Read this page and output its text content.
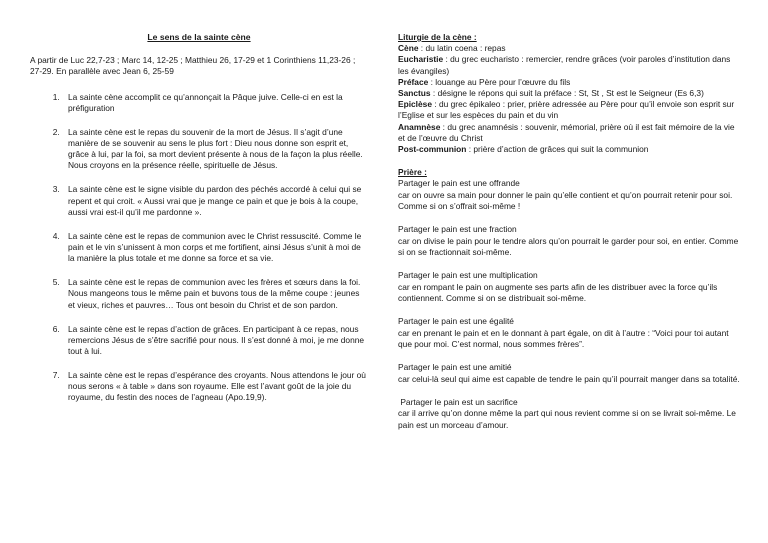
Le sens de la sainte cène

A partir de Luc 22,7-23 ; Marc 14, 12-25 ; Matthieu 26, 17-29 et 1 Corinthiens 11,23-26 ; 27-29. En parallèle avec Jean 6, 25-59

1. La sainte cène accomplit ce qu’annonçait la Pâque juive. Celle-ci en est la préfiguration
2. La sainte cène est le repas du souvenir de la mort de Jésus. Il s’agit d’une manière de se souvenir au sens le plus fort : Dieu nous donne son esprit et, grâce à lui, par la foi, sa mort devient présente à nous de la façon la plus réelle. Nous croyons en la présence réelle, spirituelle de Jésus.
3. La sainte cène est le signe visible du pardon des péchés accordé à celui qui se repent et qui croit. « Aussi vrai que je mange ce pain et que je bois à la coupe, aussi vrai est-il qu’il me pardonne ».
4. La sainte cène est le repas de communion avec le Christ ressuscité. Comme le pain et le vin s’unissent à mon corps et me fortifient, ainsi Jésus s’unit à moi de la manière la plus totale et me donne sa force et sa vie.
5. La sainte cène est le repas de communion avec les frères et sœurs dans la foi. Nous mangeons tous le même pain et buvons tous de la même coupe : jeunes et vieux, riches et pauvres… Tous ont besoin du Christ et de son pardon.
6. La sainte cène est le repas d’action de grâces. En participant à ce repas, nous remercions Jésus de s’être sacrifié pour nous. Il s’est donné à moi, je me donne tout à lui.
7. La sainte cène est le repas d’espérance des croyants. Nous attendons le jour où nous serons « à table » dans son royaume. Elle est l’avant goût de la joie du royaume, du festin des noces de l’agneau (Apo.19,9).

Liturgie de la cène :

Cène : du latin coena : repas

Eucharistie : du grec eucharisto : remercier, rendre grâces (voir paroles d’institution dans les évangiles)

Préface : louange au Père pour l’œuvre du fils

Sanctus : désigne le répons qui suit la préface : St, St , St est le Seigneur (Es 6,3)

Epiclèse : du grec épikaleo : prier, prière adressée au Père pour qu’il envoie son esprit sur l’Eglise et sur les espèces du pain et du vin

Anamnèse : du grec anamnésis : souvenir, mémorial, prière où il est fait mémoire de la vie et de l’œuvre du Christ

Post-communion : prière d’action de grâces qui suit la communion

Prière :

Partager le pain est une offrande

car on ouvre sa main pour donner le pain qu’elle contient et qu’on pourrait retenir pour soi. Comme si on s’offrait soi-même !

Partager le pain est une fraction

car on divise le pain pour le tendre alors qu’on pourrait le garder pour soi, en entier. Comme si on se fractionnait soi-même.

Partager le pain est une multiplication

car en rompant le pain on augmente ses parts afin de les distribuer avec la force qu’ils contiennent. Comme si on se distribuait soi-même.

Partager le pain est une égalité

car en prenant le pain et en le donnant à part égale, on dit à l’autre : “Voici pour toi autant que pour moi. C’est normal, nous sommes frères”.

Partager le pain est une amitié

car celui-là seul qui aime est capable de tendre le pain qu’il pourrait manger dans sa totalité.

Partager le pain est un sacrifice

car il arrive qu’on donne même la part qui nous revient comme si on se livrait soi-même. Le pain est un morceau d’amour.
